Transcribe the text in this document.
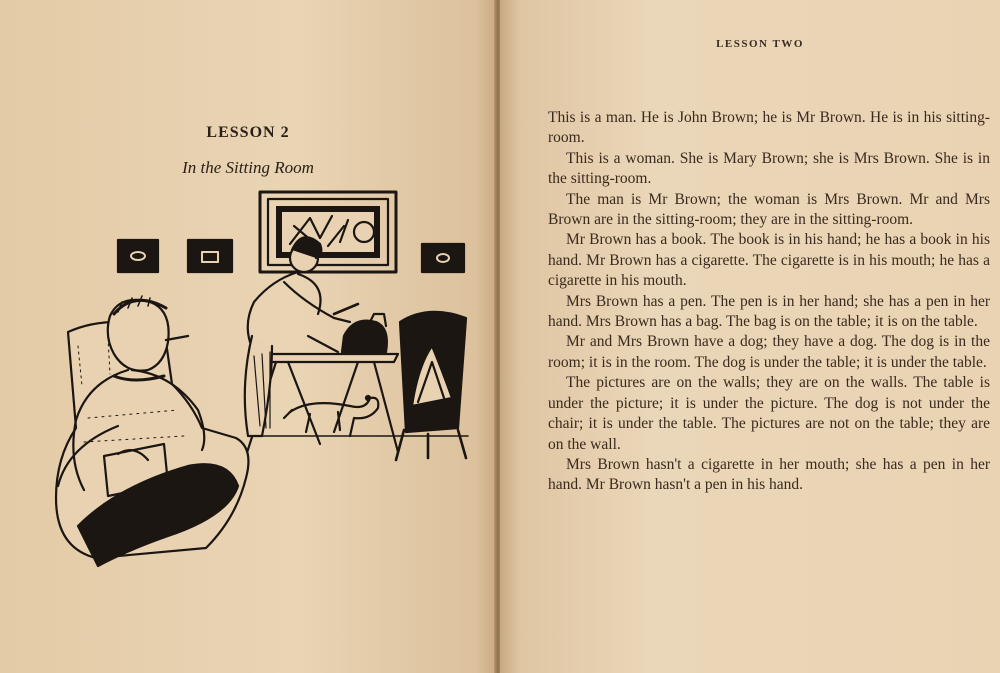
LESSON 2
In the Sitting Room
LESSON TWO

This is a man. He is John Brown; he is Mr Brown. He is in his sitting-room.

This is a woman. She is Mary Brown; she is Mrs Brown. She is in the sitting-room.

The man is Mr Brown; the woman is Mrs Brown. Mr and Mrs Brown are in the sitting-room; they are in the sitting-room.

Mr Brown has a book. The book is in his hand; he has a book in his hand. Mr Brown has a cigarette. The cigarette is in his mouth; he has a cigarette in his mouth.

Mrs Brown has a pen. The pen is in her hand; she has a pen in her hand. Mrs Brown has a bag. The bag is on the table; it is on the table.

Mr and Mrs Brown have a dog; they have a dog. The dog is in the room; it is in the room. The dog is under the table; it is under the table.

The pictures are on the walls; they are on the walls. The table is under the picture; it is under the picture. The dog is not under the chair; it is under the table. The pictures are not on the table; they are on the wall.

Mrs Brown hasn't a cigarette in her mouth; she has a pen in her hand. Mr Brown hasn't a pen in his hand.
